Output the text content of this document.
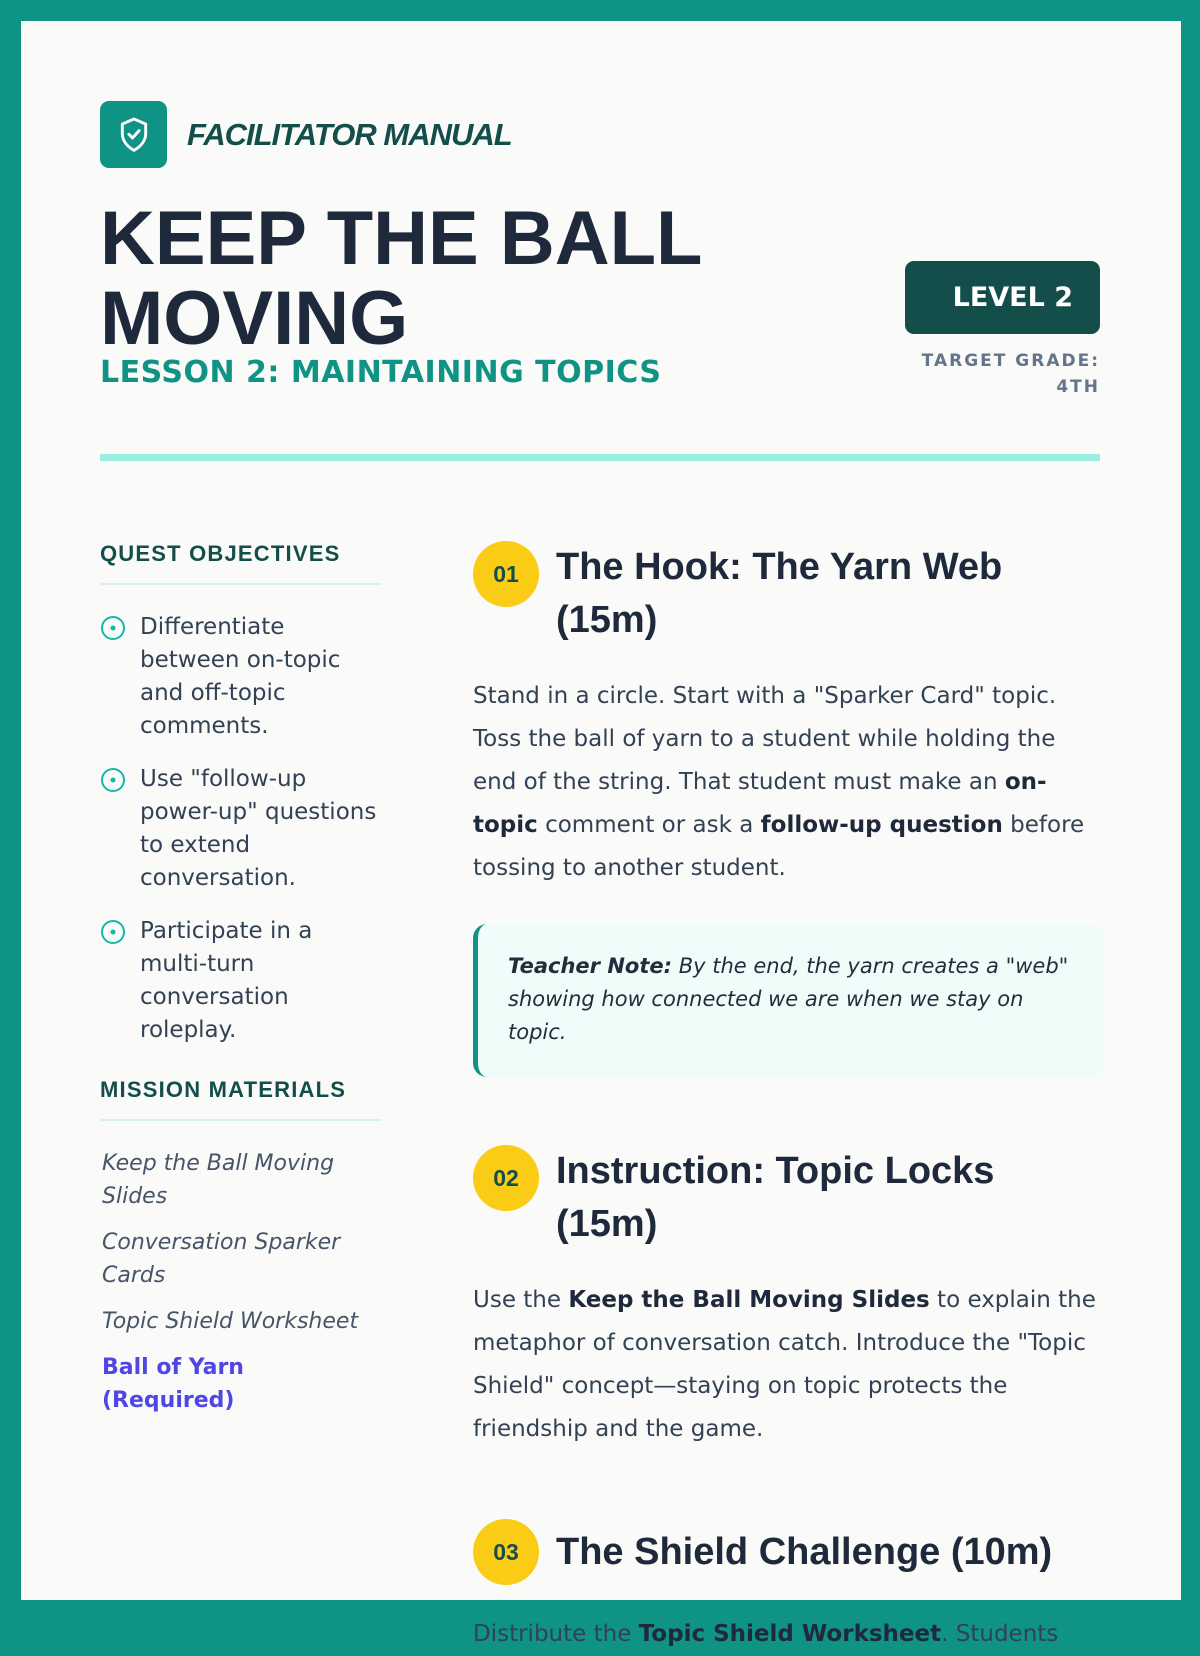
FACILITATOR MANUAL
KEEP THE BALL MOVING
LESSON 2: MAINTAINING TOPICS
LEVEL 2
TARGET GRADE: 4TH
QUEST OBJECTIVES
Differentiate between on-topic and off-topic comments.
Use "follow-up power-up" questions to extend conversation.
Participate in a multi-turn conversation roleplay.
MISSION MATERIALS
Keep the Ball Moving Slides
Conversation Sparker Cards
Topic Shield Worksheet
Ball of Yarn (Required)
01 The Hook: The Yarn Web (15m)

Stand in a circle. Start with a "Sparker Card" topic. Toss the ball of yarn to a student while holding the end of the string. That student must make an on-topic comment or ask a follow-up question before tossing to another student.

Teacher Note: By the end, the yarn creates a "web" showing how connected we are when we stay on topic.
02 Instruction: Topic Locks (15m)

Use the Keep the Ball Moving Slides to explain the metaphor of conversation catch. Introduce the "Topic Shield" concept—staying on topic protects the friendship and the game.

03 The Shield Challenge (10m)

Distribute the Topic Shield Worksheet. Students
